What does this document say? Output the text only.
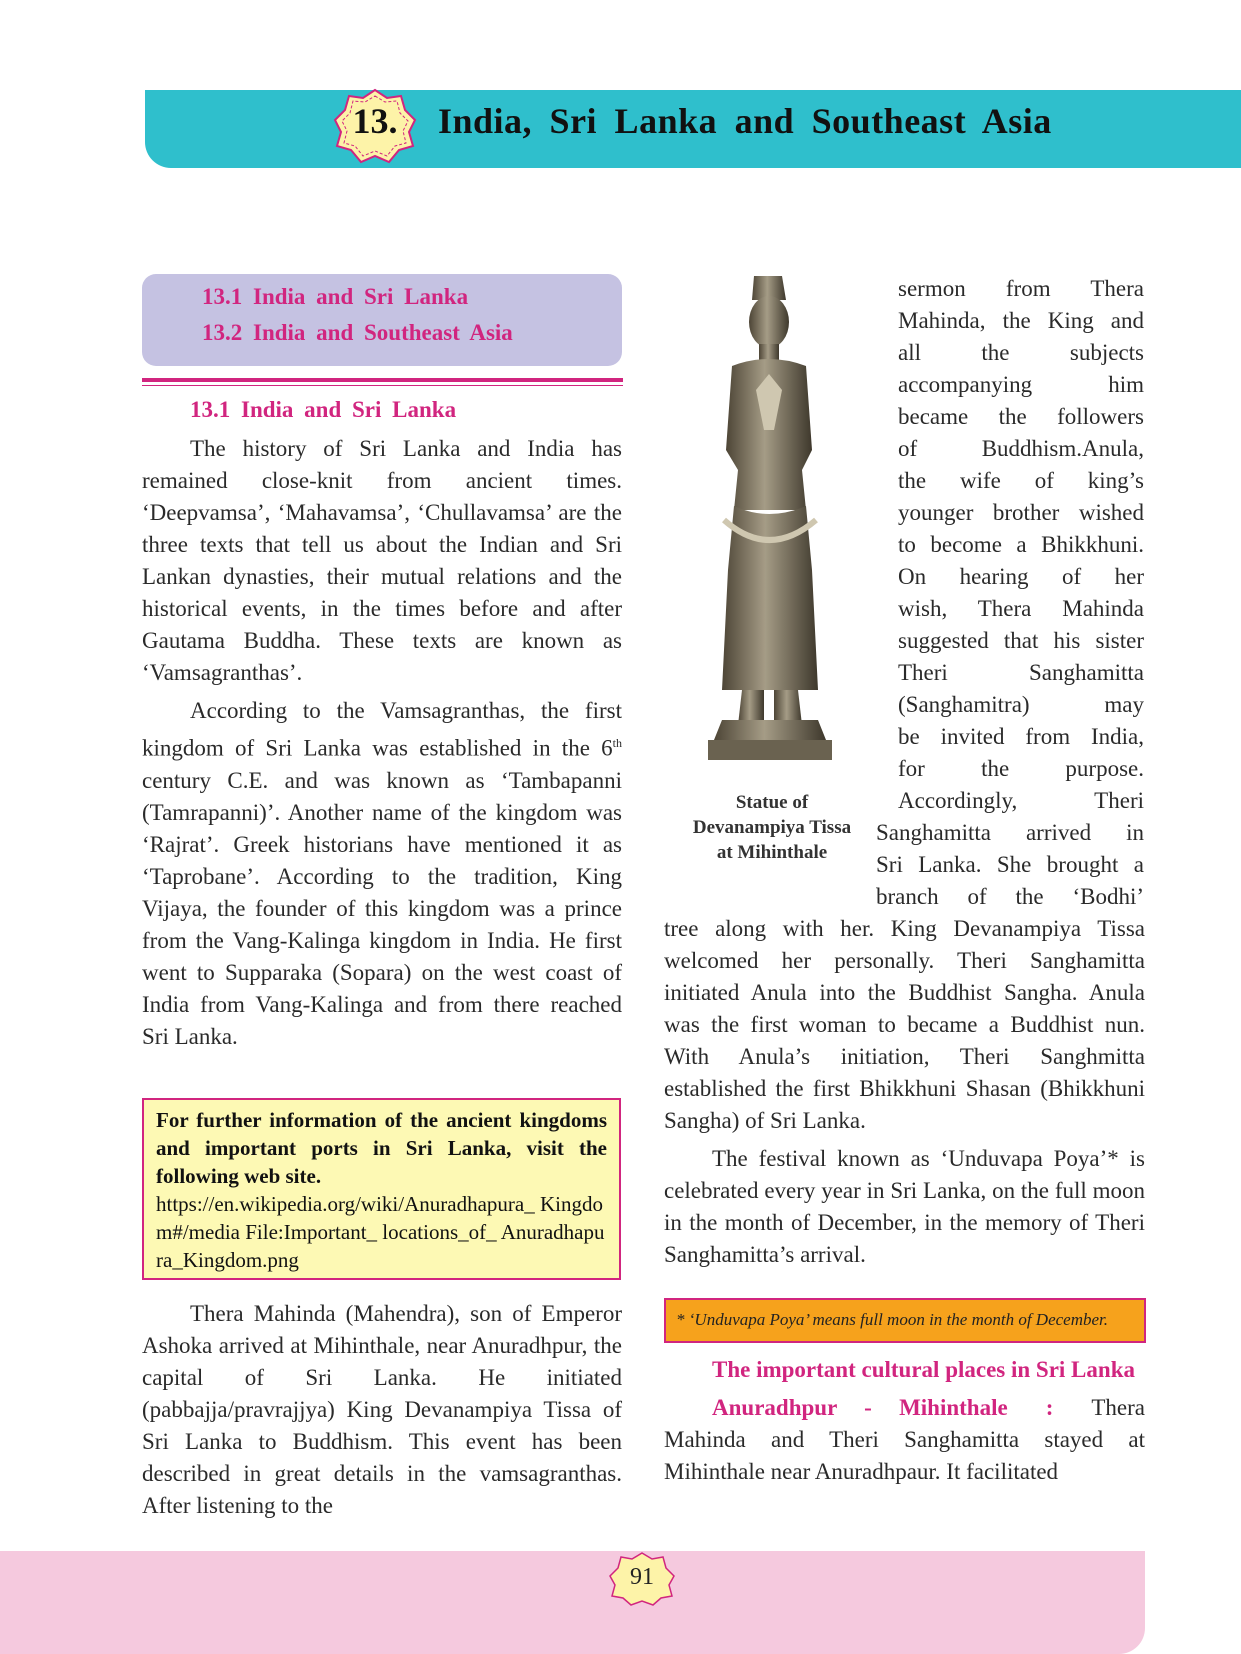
13.	India, Sri Lanka and Southeast Asia
13.1 India and Sri Lanka
13.2 India and Southeast Asia
13.1 India and Sri Lanka

The history of Sri Lanka and India has remained close-knit from ancient times. ‘Deepvamsa’, ‘Mahavamsa’, ‘Chullavamsa’ are the three texts that tell us about the Indian and Sri Lankan dynasties, their mutual relations and the historical events, in the times before and after Gautama Buddha. These texts are known as ‘Vamsagranthas’.

According to the Vamsagranthas, the first kingdom of Sri Lanka was established in the 6th century C.E. and was known as ‘Tambapanni (Tamrapanni)’. Another name of the kingdom was ‘Rajrat’. Greek historians have mentioned it as ‘Taprobane’. According to the tradition, King Vijaya, the founder of this kingdom was a prince from the Vang-Kalinga kingdom in India. He first went to Supparaka (Sopara) on the west coast of India from Vang-Kalinga and from there reached Sri Lanka.

For further information of the ancient kingdoms and important ports in Sri Lanka, visit the following web site.
https://en.wikipedia.org/wiki/Anuradhapura_ Kingdom#/media File:Important_ locations_of_ Anuradhapura_Kingdom.png

Thera Mahinda (Mahendra), son of Emperor Ashoka arrived at Mihinthale, near Anuradhpur, the capital of Sri Lanka. He initiated (pabbajja/pravrajjya) King Devanampiya Tissa of Sri Lanka to Buddhism. This event has been described in great details in the vamsagranthas. After listening to the

Statue of
Devanampiya Tissa
at Mihinthale

sermon from Thera

Mahinda, the King and

all the subjects

accompanying him

became the followers

of Buddhism.Anula,

the wife of king’s

younger brother wished

to become a Bhikkhuni.

On hearing of her

wish, Thera Mahinda

suggested that his sister

Theri Sanghamitta

(Sanghamitra) may

be invited from India,

for the purpose.

Accordingly, Theri

Sanghamitta arrived in

Sri Lanka. She brought a

branch of the ‘Bodhi’

tree along with her. King Devanampiya Tissa welcomed her personally. Theri Sanghamitta initiated Anula into the Buddhist Sangha. Anula was the first woman to became a Buddhist nun. With Anula’s initiation, Theri Sanghmitta established the first Bhikkhuni Shasan (Bhikkhuni Sangha) of Sri Lanka.

The festival known as ‘Unduvapa Poya’* is celebrated every year in Sri Lanka, on the full moon in the month of December, in the memory of Theri Sanghamitta’s arrival.

* ‘Unduvapa Poya’ means full moon in the month of December.

The important cultural places in Sri Lanka

Anuradhpur - Mihinthale : Thera Mahinda and Theri Sanghamitta stayed at Mihinthale near Anuradhpaur. It facilitated

91
